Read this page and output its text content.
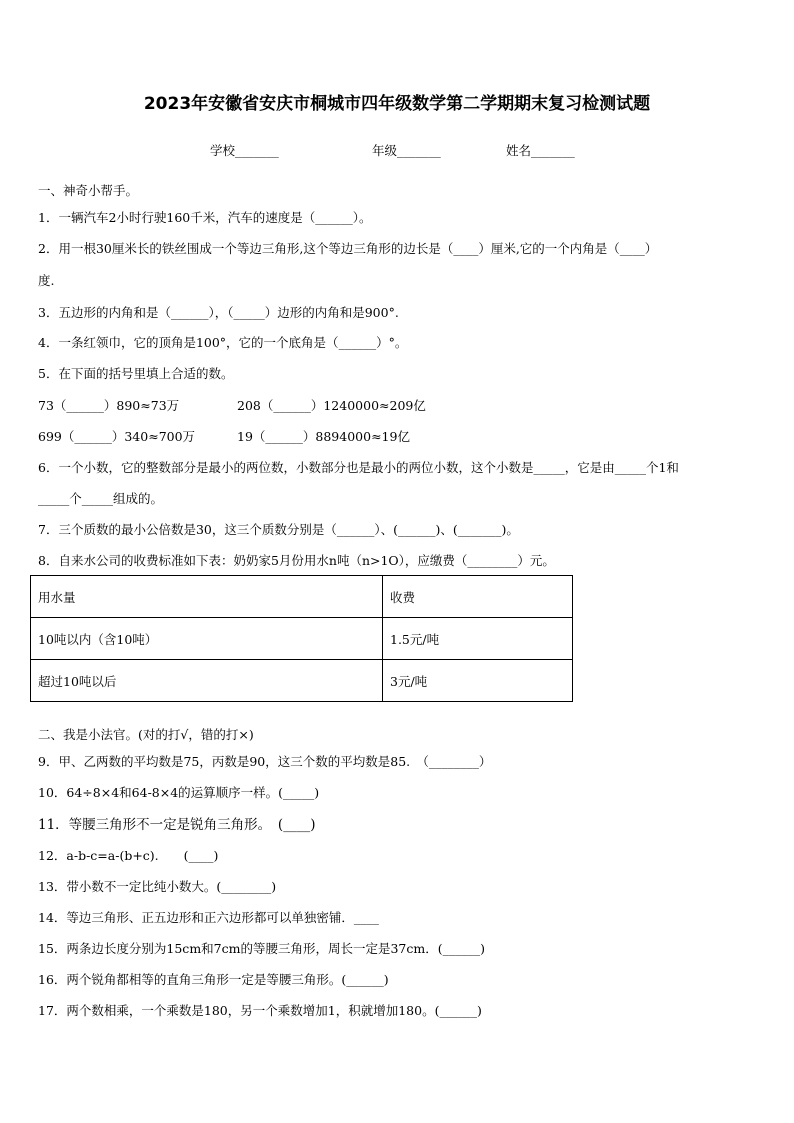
2023年安徽省安庆市桐城市四年级数学第二学期期末复习检测试题
学校_______	年级_______	姓名_______
一、神奇小帮手。
1．一辆汽车2小时行驶160千米，汽车的速度是（______）。
2．用一根30厘米长的铁丝围成一个等边三角形,这个等边三角形的边长是（____）厘米,它的一个内角是（____）
度.
3．五边形的内角和是（______），（_____）边形的内角和是900°.
4．一条红领巾，它的顶角是100°，它的一个底角是（______）°。
5．在下面的括号里填上合适的数。
73（______）890≈73万	208（______）1240000≈209亿
699（______）340≈700万	19（______）8894000≈19亿
6．一个小数，它的整数部分是最小的两位数，小数部分也是最小的两位小数，这个小数是_____，它是由_____个1和
_____个_____组成的。
7．三个质数的最小公倍数是30，这三个质数分别是（______）、(______)、(_______)。
8．自来水公司的收费标准如下表：奶奶家5月份用水n吨（n>1O），应缴费（________）元。
用水量	收费
10吨以内（含10吨）	1.5元/吨
超过10吨以后	3元/吨
二、我是小法官。(对的打√，错的打×)
9．甲、乙两数的平均数是75，丙数是90，这三个数的平均数是85.　（________）
10．64÷8×4和64-8×4的运算顺序一样。(_____)
11．等腰三角形不一定是锐角三角形。　(____)
12．a-b-c=a-(b+c).　　(____)
13．带小数不一定比纯小数大。(________)
14．等边三角形、正五边形和正六边形都可以单独密铺．____
15．两条边长度分别为15cm和7cm的等腰三角形，周长一定是37cm．(______)
16．两个锐角都相等的直角三角形一定是等腰三角形。(______)
17．两个数相乘，一个乘数是180，另一个乘数增加1，积就增加180。(______)
